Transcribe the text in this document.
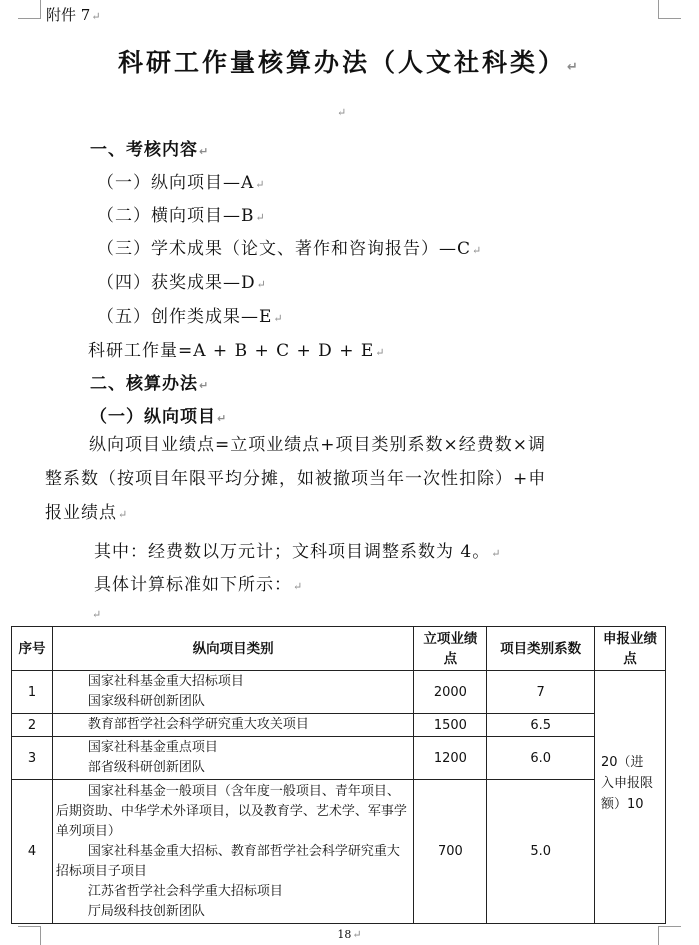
附件 7↵
科研工作量核算办法（人文社科类）↵
↵
一、考核内容↵
（一）纵向项目—A↵
（二）横向项目—B↵
（三）学术成果（论文、著作和咨询报告）—C↵
（四）获奖成果—D↵
（五）创作类成果—E↵
科研工作量=A + B + C + D + E↵
二、核算办法↵
（一）纵向项目↵
纵向项目业绩点=立项业绩点+项目类别系数×经费数×调
整系数（按项目年限平均分摊，如被撤项当年一次性扣除）+申
报业绩点↵
其中：经费数以万元计；文科项目调整系数为 4。↵
具体计算标准如下所示：↵
↵
序号	纵向项目类别	立项业绩点	项目类别系数	申报业绩点
1	国家社科基金重大招标项目
国家级科研创新团队	2000	7	20（进入申报限额）10

2	教育部哲学社会科学研究重大攻关项目	1500	6.5	
3	国家社科基金重点项目
部省级科研创新团队	1200	6.0	
4	国家社科基金一般项目（含年度一般项目、青年项目、后期资助、中华学术外译项目，以及教育学、艺术学、军事学单列项目）
国家社科基金重大招标、教育部哲学社会科学研究重大招标项目子项目
江苏省哲学社会科学重大招标项目
厅局级科技创新团队	700	5.0	
18↵
